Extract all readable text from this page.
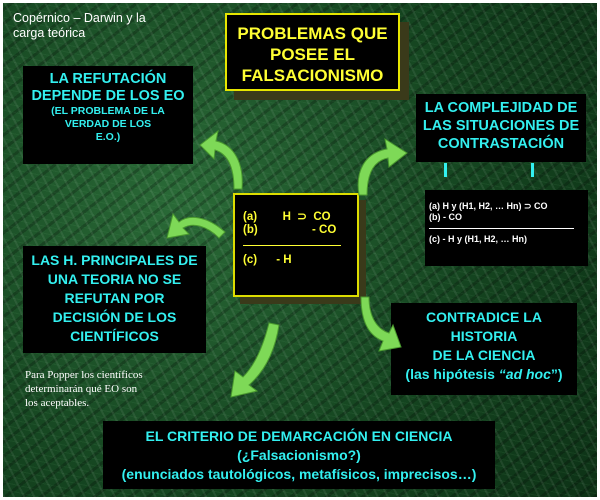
Copérnico – Darwin y la
carga teórica	PROBLEMAS QUE
POSEE EL
FALSACIONISMO
LA REFUTACIÓN
DEPENDE DE LOS EO
(EL PROBLEMA DE LA
VERDAD DE LOS
E.O.)
LA COMPLEJIDAD DE
LAS SITUACIONES DE
CONTRASTACIÓN
(a) H y (H1, H2, … Hn) ⊃ CO
(b) - CO
(c) - H y (H1, H2, … Hn)
(a)        H  ⊃  CO
(b)                 - CO
(c)      - H
LAS H. PRINCIPALES DE
UNA TEORIA NO SE
REFUTAN POR
DECISIÓN DE LOS
CIENTÍFICOS
CONTRADICE LA
HISTORIA
DE LA CIENCIA
(las hipótesis “ad hoc”)
Para Popper los científicos
determinarán qué EO son
los aceptables.
EL CRITERIO DE DEMARCACIÓN EN CIENCIA
(¿Falsacionismo?)
(enunciados tautológicos, metafísicos, imprecisos…)
